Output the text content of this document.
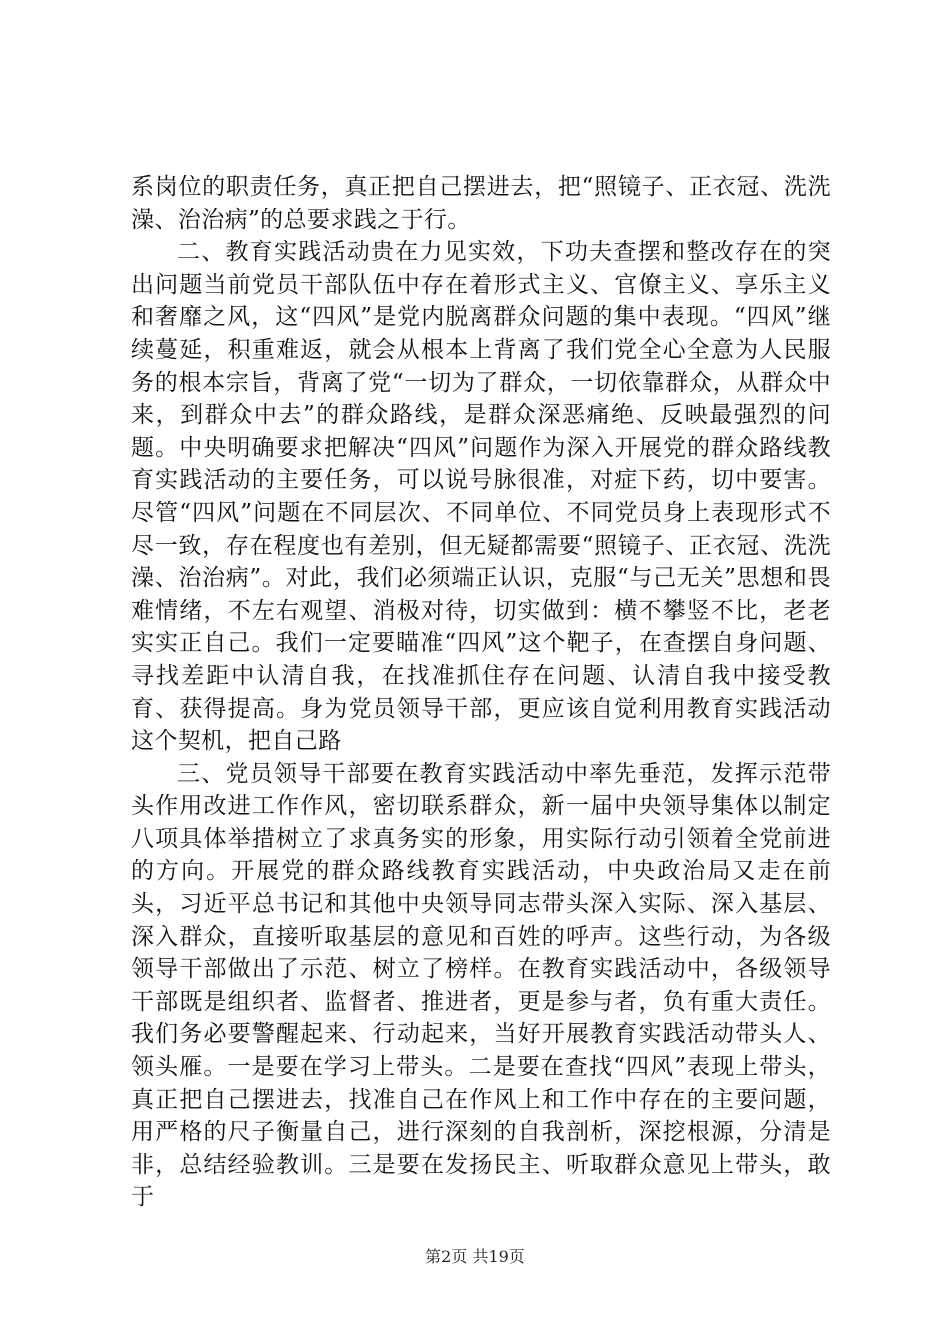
系岗位的职责任务，真正把自己摆进去，把“照镜子、正衣冠、洗洗澡、治治病”的总要求践之于行。

二、教育实践活动贵在力见实效，下功夫查摆和整改存在的突出问题当前党员干部队伍中存在着形式主义、官僚主义、享乐主义和奢靡之风，这“四风”是党内脱离群众问题的集中表现。“四风”继续蔓延，积重难返，就会从根本上背离了我们党全心全意为人民服务的根本宗旨，背离了党“一切为了群众，一切依靠群众，从群众中来，到群众中去”的群众路线，是群众深恶痛绝、反映最强烈的问题。中央明确要求把解决“四风”问题作为深入开展党的群众路线教育实践活动的主要任务，可以说号脉很准，对症下药，切中要害。尽管“四风”问题在不同层次、不同单位、不同党员身上表现形式不尽一致，存在程度也有差别，但无疑都需要“照镜子、正衣冠、洗洗澡、治治病”。对此，我们必须端正认识，克服“与己无关”思想和畏难情绪，不左右观望、消极对待，切实做到：横不攀竖不比，老老实实正自己。我们一定要瞄准“四风”这个靶子，在查摆自身问题、寻找差距中认清自我，在找准抓住存在问题、认清自我中接受教育、获得提高。身为党员领导干部，更应该自觉利用教育实践活动这个契机，把自己路

三、党员领导干部要在教育实践活动中率先垂范，发挥示范带头作用改进工作作风，密切联系群众，新一届中央领导集体以制定八项具体举措树立了求真务实的形象，用实际行动引领着全党前进的方向。开展党的群众路线教育实践活动，中央政治局又走在前头，习近平总书记和其他中央领导同志带头深入实际、深入基层、深入群众，直接听取基层的意见和百姓的呼声。这些行动，为各级领导干部做出了示范、树立了榜样。在教育实践活动中，各级领导干部既是组织者、监督者、推进者，更是参与者，负有重大责任。我们务必要警醒起来、行动起来，当好开展教育实践活动带头人、领头雁。一是要在学习上带头。二是要在查找“四风”表现上带头，真正把自己摆进去，找准自己在作风上和工作中存在的主要问题，用严格的尺子衡量自己，进行深刻的自我剖析，深挖根源，分清是非，总结经验教训。三是要在发扬民主、听取群众意见上带头，敢于

第2页 共19页
